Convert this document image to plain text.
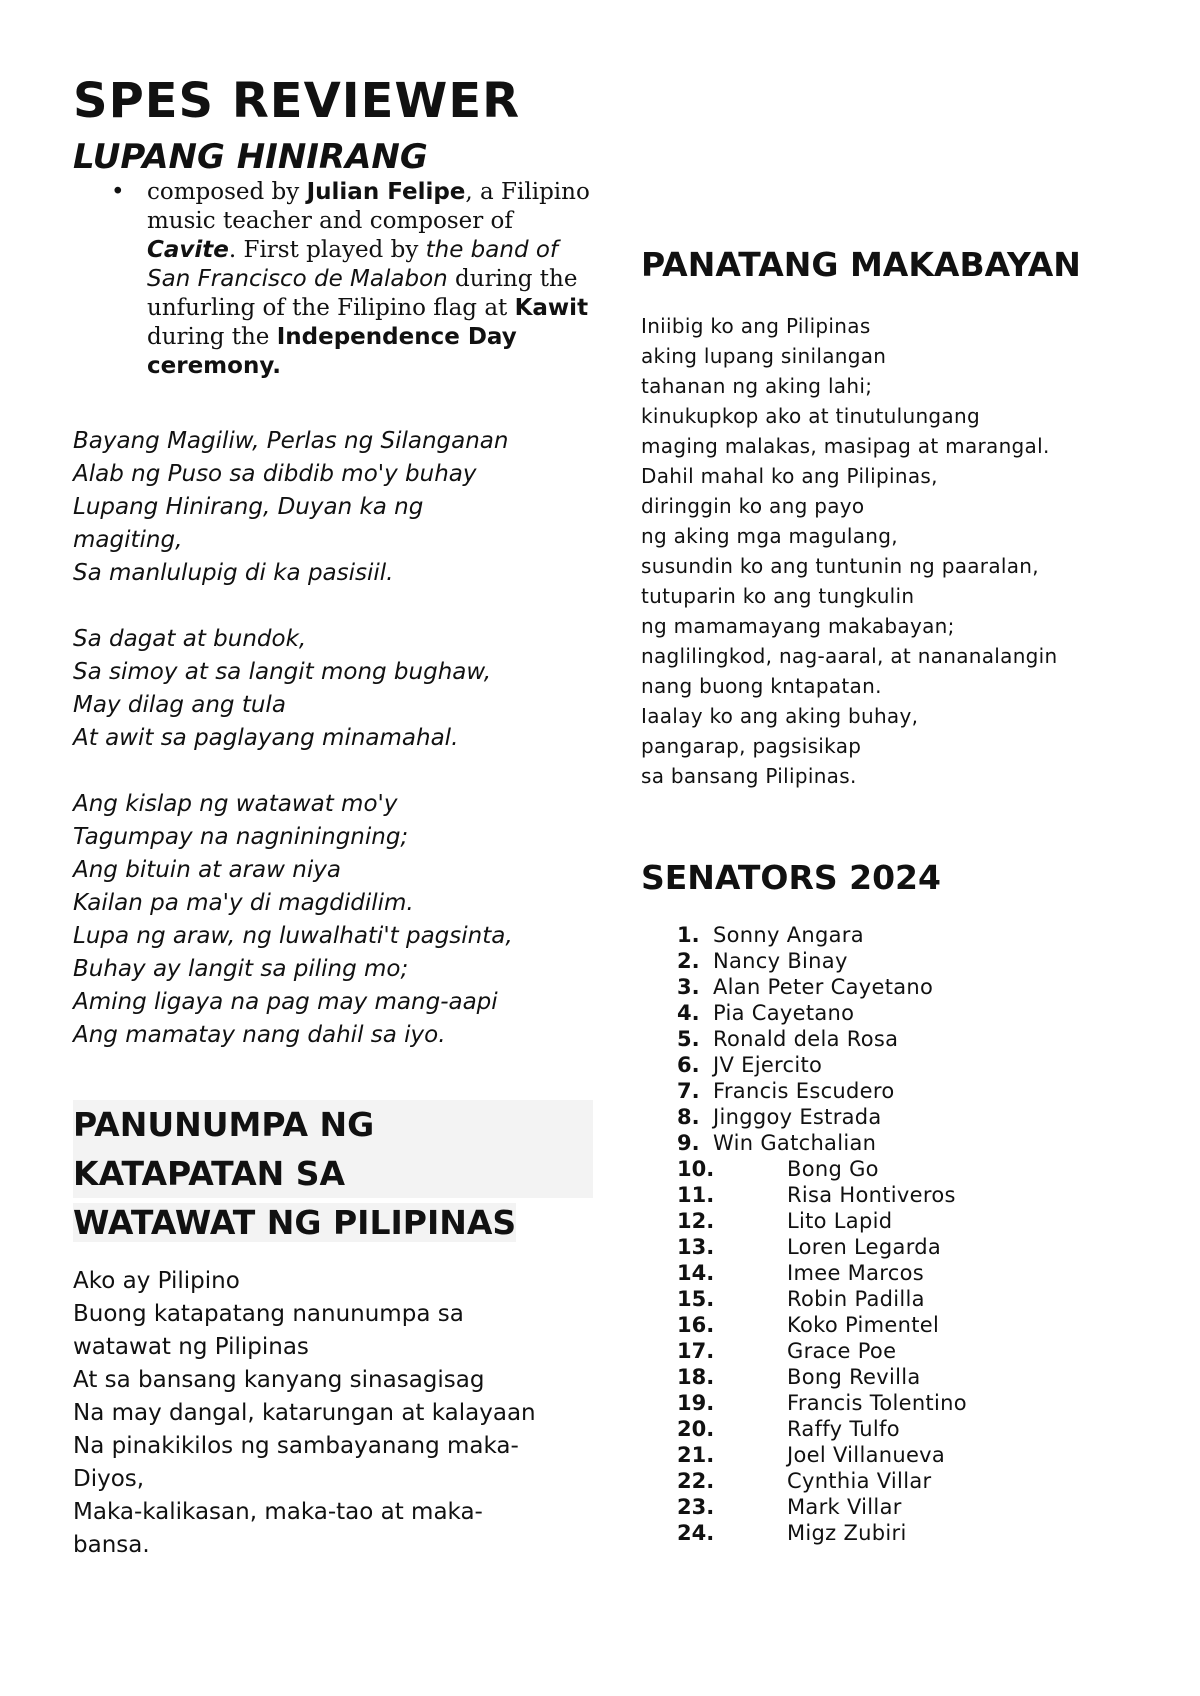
SPES REVIEWER
LUPANG HINIRANG
• composed by Julian Felipe, a Filipino music teacher and composer of Cavite. First played by the band of San Francisco de Malabon during the unfurling of the Filipino flag at Kawit during the Independence Day ceremony.
Bayang Magiliw, Perlas ng Silanganan
Alab ng Puso sa dibdib mo'y buhay
Lupang Hinirang, Duyan ka ng
magiting,
Sa manlulupig di ka pasisiil.
Sa dagat at bundok,
Sa simoy at sa langit mong bughaw,
May dilag ang tula
At awit sa paglayang minamahal.
Ang kislap ng watawat mo'y
Tagumpay na nagniningning;
Ang bituin at araw niya
Kailan pa ma'y di magdidilim.
Lupa ng araw, ng luwalhati't pagsinta,
Buhay ay langit sa piling mo;
Aming ligaya na pag may mang-aapi
Ang mamatay nang dahil sa iyo.
PANUNUMPA NG
KATAPATAN SA
WATAWAT NG PILIPINAS
Ako ay Pilipino
Buong katapatang nanunumpa sa
watawat ng Pilipinas
At sa bansang kanyang sinasagisag
Na may dangal, katarungan at kalayaan
Na pinakikilos ng sambayanang maka-
Diyos,
Maka-kalikasan, maka-tao at maka-
bansa.
PANATANG MAKABAYAN
Iniibig ko ang Pilipinas
aking lupang sinilangan
tahanan ng aking lahi;
kinukupkop ako at tinutulungang
maging malakas, masipag at marangal.
Dahil mahal ko ang Pilipinas,
diringgin ko ang payo
ng aking mga magulang,
susundin ko ang tuntunin ng paaralan,
tutuparin ko ang tungkulin
ng mamamayang makabayan;
naglilingkod, nag-aaral, at nananalangin
nang buong kntapatan.
Iaalay ko ang aking buhay,
pangarap, pagsisikap
sa bansang Pilipinas.
SENATORS 2024
1. Sonny Angara
2. Nancy Binay
3. Alan Peter Cayetano
4. Pia Cayetano
5. Ronald dela Rosa
6. JV Ejercito
7. Francis Escudero
8. Jinggoy Estrada
9. Win Gatchalian
10.	Bong Go
11.	Risa Hontiveros
12.	Lito Lapid
13.	Loren Legarda
14.	Imee Marcos
15.	Robin Padilla
16.	Koko Pimentel
17.	Grace Poe
18.	Bong Revilla
19.	Francis Tolentino
20.	Raffy Tulfo
21.	Joel Villanueva
22.	Cynthia Villar
23.	Mark Villar
24.	Migz Zubiri
